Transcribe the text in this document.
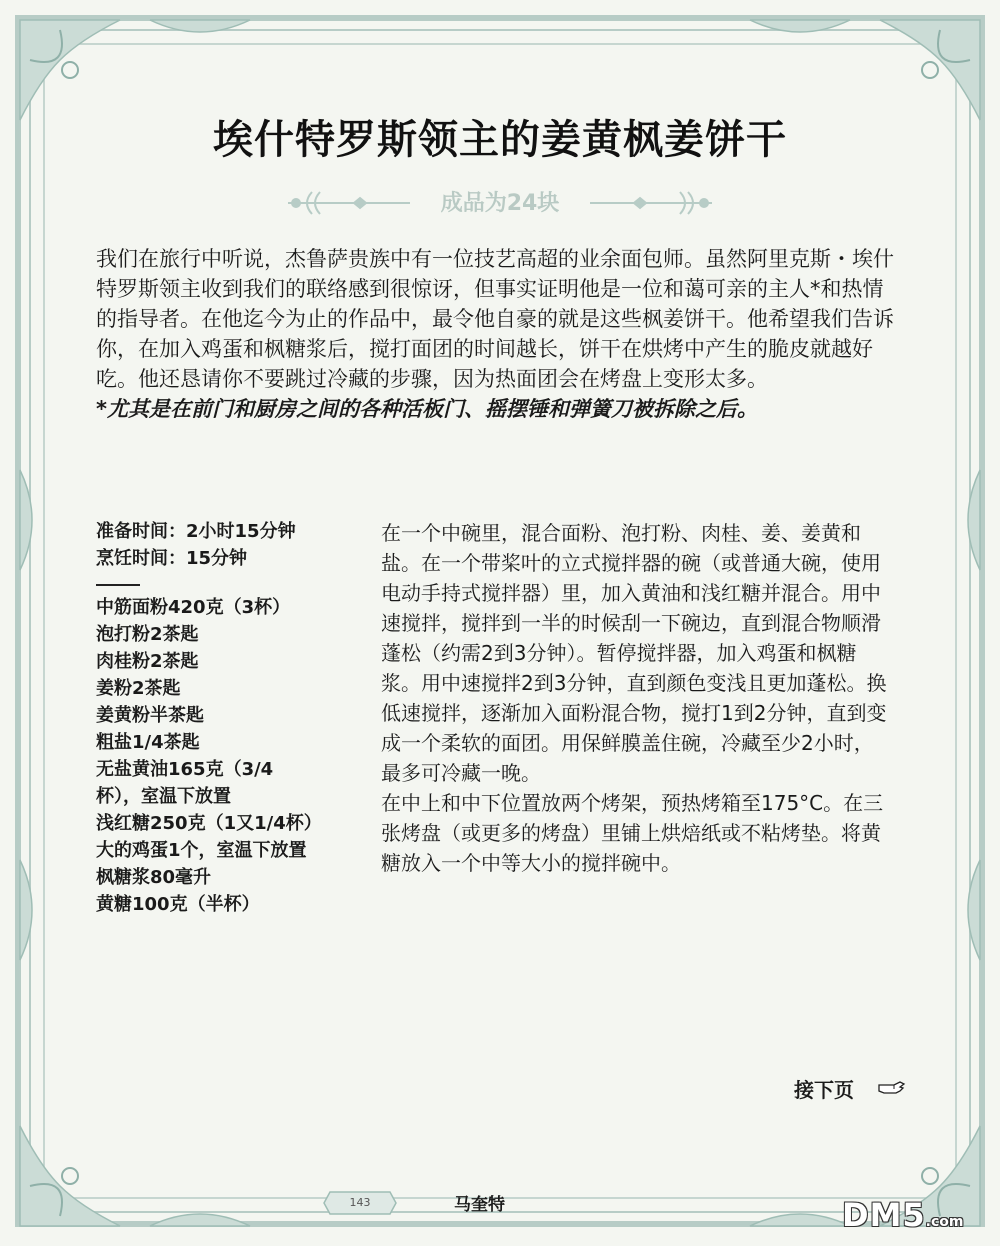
埃什特罗斯领主的姜黄枫姜饼干
成品为24块

我们在旅行中听说，杰鲁萨贵族中有一位技艺高超的业余面包师。虽然阿里克斯・埃什特罗斯领主收到我们的联络感到很惊讶，但事实证明他是一位和蔼可亲的主人*和热情的指导者。在他迄今为止的作品中，最令他自豪的就是这些枫姜饼干。他希望我们告诉你，在加入鸡蛋和枫糖浆后，搅打面团的时间越长，饼干在烘烤中产生的脆皮就越好吃。他还恳请你不要跳过冷藏的步骤，因为热面团会在烤盘上变形太多。

*尤其是在前门和厨房之间的各种活板门、摇摆锤和弹簧刀被拆除之后。

准备时间：2小时15分钟
烹饪时间：15分钟
中筋面粉420克（3杯）
泡打粉2茶匙
肉桂粉2茶匙
姜粉2茶匙
姜黄粉半茶匙
粗盐1/4茶匙
无盐黄油165克（3/4杯），室温下放置
浅红糖250克（1又1/4杯）
大的鸡蛋1个，室温下放置
枫糖浆80毫升
黄糖100克（半杯）

在一个中碗里，混合面粉、泡打粉、肉桂、姜、姜黄和盐。在一个带桨叶的立式搅拌器的碗（或普通大碗，使用电动手持式搅拌器）里，加入黄油和浅红糖并混合。用中速搅拌，搅拌到一半的时候刮一下碗边，直到混合物顺滑蓬松（约需2到3分钟）。暂停搅拌器，加入鸡蛋和枫糖浆。用中速搅拌2到3分钟，直到颜色变浅且更加蓬松。换低速搅拌，逐渐加入面粉混合物，搅打1到2分钟，直到变成一个柔软的面团。用保鲜膜盖住碗，冷藏至少2小时，最多可冷藏一晚。

在中上和中下位置放两个烤架，预热烤箱至175°C。在三张烤盘（或更多的烤盘）里铺上烘焙纸或不粘烤垫。将黄糖放入一个中等大小的搅拌碗中。

接下页
143	马奎特	DM5.com
